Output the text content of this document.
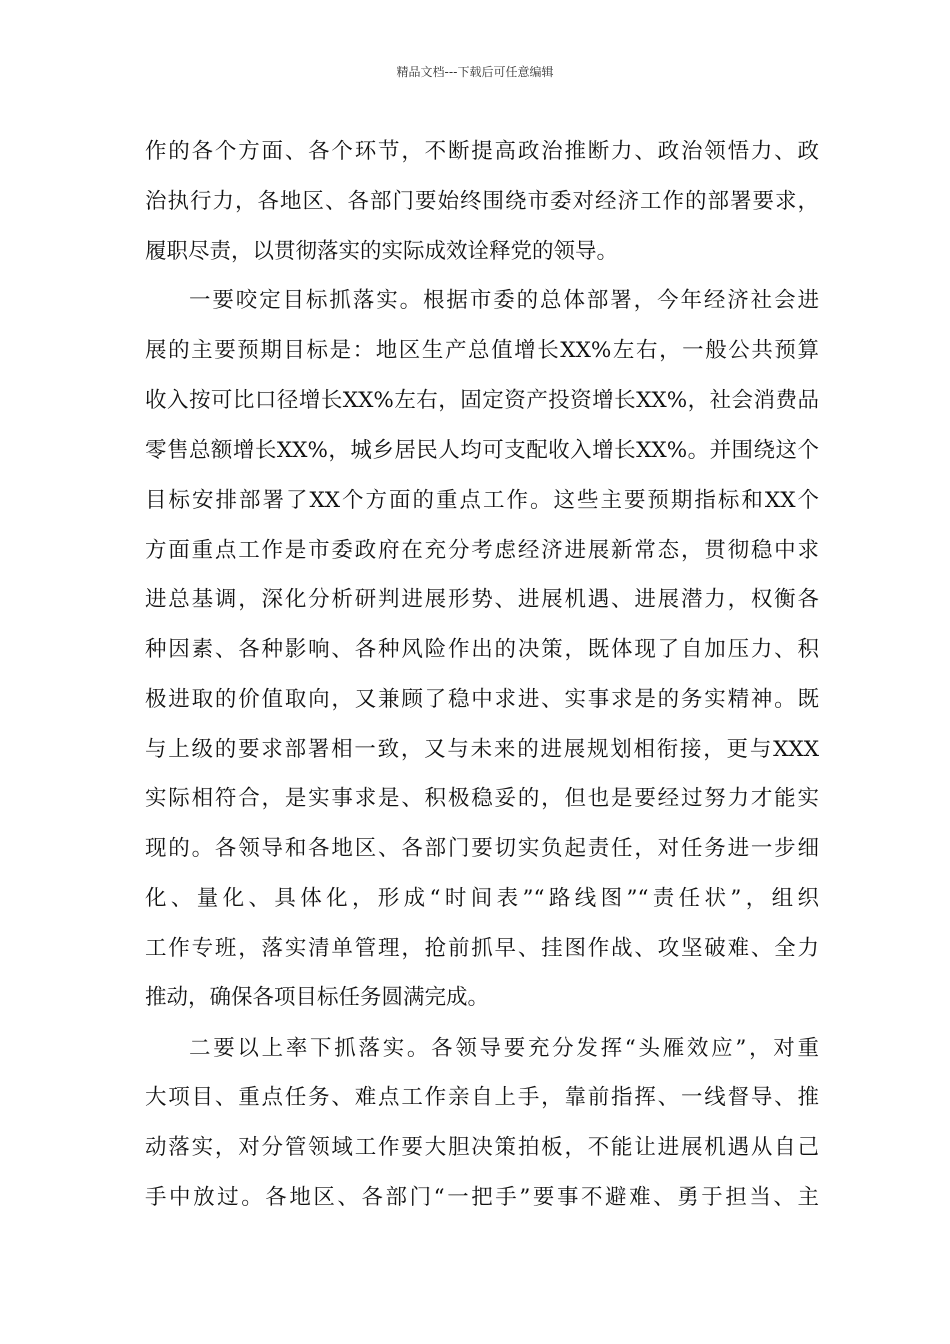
精品文档---下载后可任意编辑
作的各个方面、各个环节，不断提高政治推断力、政治领悟力、政
治执行力，各地区、各部门要始终围绕市委对经济工作的部署要求，
履职尽责，以贯彻落实的实际成效诠释党的领导。
一要咬定目标抓落实。根据市委的总体部署，今年经济社会进
展的主要预期目标是：地区生产总值增长XX%左右，一般公共预算
收入按可比口径增长XX%左右，固定资产投资增长XX%，社会消费品
零售总额增长XX%，城乡居民人均可支配收入增长XX%。并围绕这个
目标安排部署了XX个方面的重点工作。这些主要预期指标和XX个
方面重点工作是市委政府在充分考虑经济进展新常态，贯彻稳中求
进总基调，深化分析研判进展形势、进展机遇、进展潜力，权衡各
种因素、各种影响、各种风险作出的决策，既体现了自加压力、积
极进取的价值取向，又兼顾了稳中求进、实事求是的务实精神。既
与上级的要求部署相一致，又与未来的进展规划相衔接，更与XXX
实际相符合，是实事求是、积极稳妥的，但也是要经过努力才能实
现的。各领导和各地区、各部门要切实负起责任，对任务进一步细
化、量化、具体化，形成“时间表”“路线图”“责任状”，组织
工作专班，落实清单管理，抢前抓早、挂图作战、攻坚破难、全力
推动，确保各项目标任务圆满完成。
二要以上率下抓落实。各领导要充分发挥“头雁效应”，对重
大项目、重点任务、难点工作亲自上手，靠前指挥、一线督导、推
动落实，对分管领域工作要大胆决策拍板，不能让进展机遇从自己
手中放过。各地区、各部门“一把手”要事不避难、勇于担当、主
